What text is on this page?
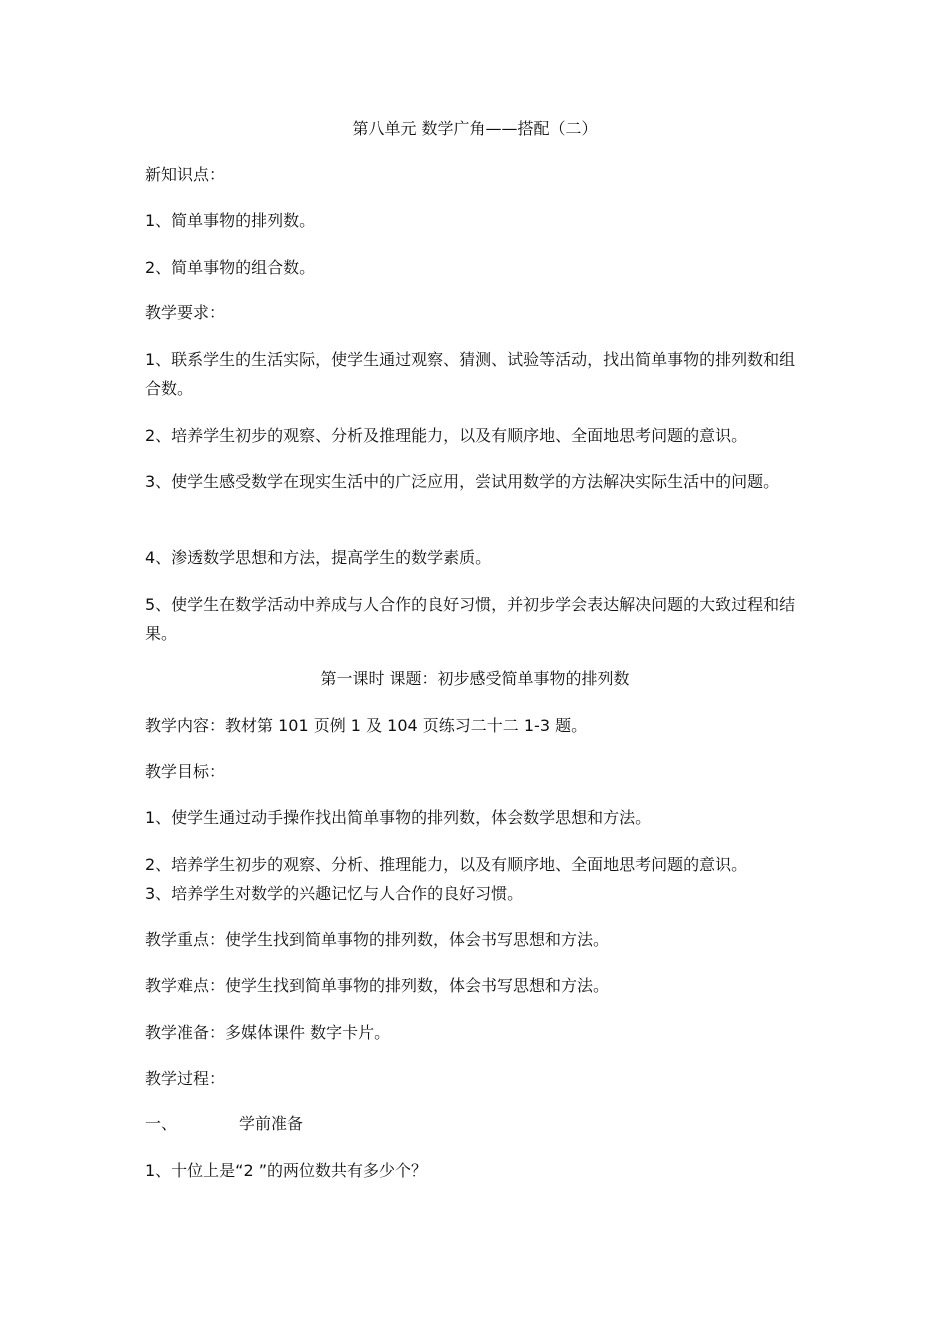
第八单元 数学广角——搭配（二）
新知识点：
1、简单事物的排列数。
2、简单事物的组合数。
教学要求：
1、联系学生的生活实际，使学生通过观察、猜测、试验等活动，找出简单事物的排列数和组合数。
2、培养学生初步的观察、分析及推理能力，以及有顺序地、全面地思考问题的意识。
3、使学生感受数学在现实生活中的广泛应用，尝试用数学的方法解决实际生活中的问题。
4、渗透数学思想和方法，提高学生的数学素质。
5、使学生在数学活动中养成与人合作的良好习惯，并初步学会表达解决问题的大致过程和结果。
第一课时 课题：初步感受简单事物的排列数
教学内容：教材第 101 页例 1 及 104 页练习二十二 1-3 题。
教学目标：
1、使学生通过动手操作找出简单事物的排列数，体会数学思想和方法。
2、培养学生初步的观察、分析、推理能力，以及有顺序地、全面地思考问题的意识。
3、培养学生对数学的兴趣记忆与人合作的良好习惯。
教学重点：使学生找到简单事物的排列数，体会书写思想和方法。
教学难点：使学生找到简单事物的排列数，体会书写思想和方法。
教学准备：多媒体课件 数字卡片。
教学过程：
一、	学前准备
1、十位上是“2 ”的两位数共有多少个？
